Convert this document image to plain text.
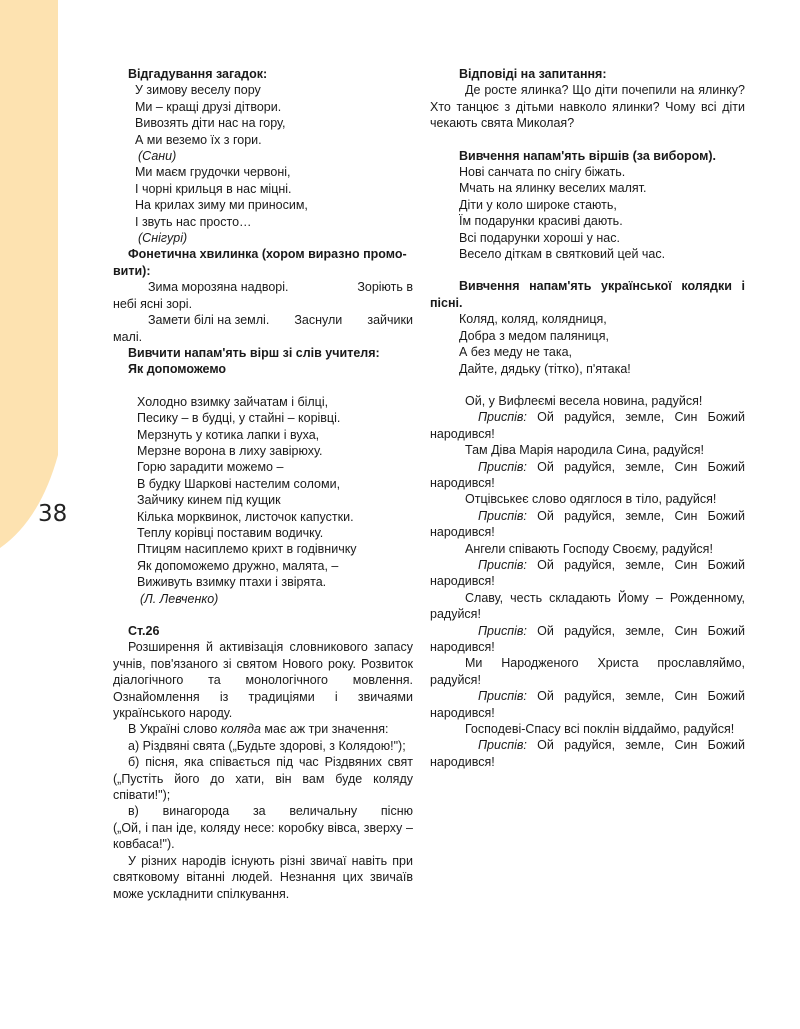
38
Відгадування загадок:
У зимову веселу пору
Ми – кращі друзі дітвори.
Вивозять діти нас на гору,
А ми веземо їх з гори.
(Сани)
Ми маєм грудочки червоні,
І чорні крильця в нас міцні.
На крилах зиму ми приносим,
І звуть нас просто…
(Снігурі)
Фонетична хвилинка (хором виразно промо-
вити):
Зима морозяна надворі.	Зоріють в
небі ясні зорі.
Замети білі на землі. Заснули зайчики
малі.
Вивчити напам'ять вірш зі слів учителя:
Як допоможемо
Холодно взимку зайчатам і білці,
Песику – в будці, у стайні – корівці.
Мерзнуть у котика лапки і вуха,
Мерзне ворона в лиху завірюху.
Горю зарадити можемо –
В будку Шаркові настелим соломи,
Зайчику кинем під кущик
Кілька морквинок, листочок капустки.
Теплу корівці поставим водичку.
Птицям насиплемо крихт в годівничку
Як допоможемо дружно, малята, –
Виживуть взимку птахи і звірята.
(Л. Левченко)
Ст.26
Розширення й активізація словникового запасу учнів, пов'язаного зі святом Нового року. Розвиток діалогічного та монологічного мовлення. Ознайомлення із традиціями і звичаями українського народу.
В Україні слово коляда має аж три значення:
а) Різдвяні свята („Будьте здорові, з Колядою!");
б) пісня, яка співається під час Різдвяних свят („Пустіть його до хати, він вам буде коляду співати!");
в) винагорода за величальну пісню
(„Ой, і пан іде, коляду несе: коробку вівса, зверху – ковбаса!").
У різних народів існують різні звичаї навіть при святковому вітанні людей. Незнання цих звичаїв може ускладнити спілкування.
Відповіді на запитання:
Де росте ялинка? Що діти почепили на ялинку? Хто танцює з дітьми навколо ялинки? Чому всі діти чекають свята Миколая?
Вивчення напам'ять віршів (за вибором).
Нові санчата по снігу біжать.
Мчать на ялинку веселих малят.
Діти у коло широке стають,
Їм подарунки красиві дають.
Всі подарунки хороші у нас.
Весело діткам в святковий цей час.
Вивчення напам'ять української колядки і пісні.
Коляд, коляд, колядниця,
Добра з медом паляниця,
А без меду не така,
Дайте, дядьку (тітко), п'ятака!
Ой, у Вифлеємі весела новина, радуйся!
Приспів: Ой радуйся, земле, Син Божий народився!
Там Діва Марія народила Сина, радуйся!
Приспів: Ой радуйся, земле, Син Божий народився!
Отцівськеє слово одяглося в тіло, радуйся!
Приспів: Ой радуйся, земле, Син Божий народився!
Ангели співають Господу Своєму, радуйся!
Приспів: Ой радуйся, земле, Син Божий народився!
Славу, честь складають Йому – Рожденному, радуйся!
Приспів: Ой радуйся, земле, Син Божий народився!
Ми Народженого Христа прославляймо, радуйся!
Приспів: Ой радуйся, земле, Син Божий народився!
Господеві-Спасу всі поклін віддаймо, радуйся!
Приспів: Ой радуйся, земле, Син Божий народився!
